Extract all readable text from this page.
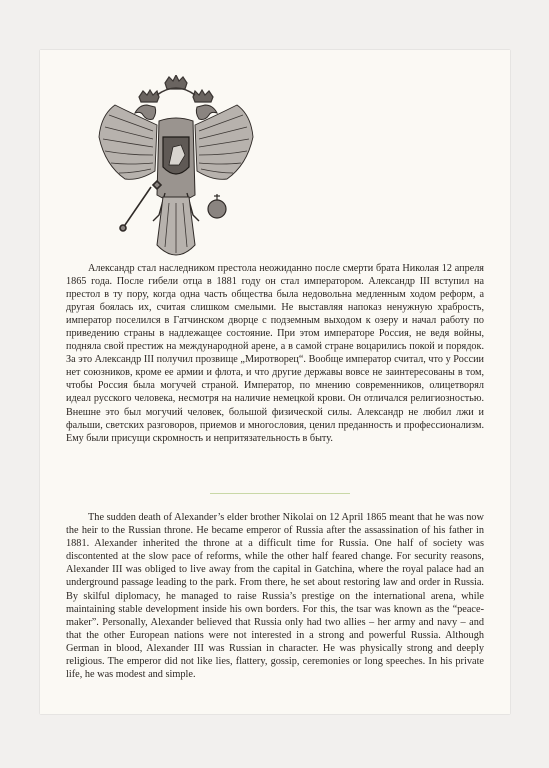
Александр стал наследником престола неожиданно после смерти брата Николая 12 апреля 1865 года. После гибели отца в 1881 году он стал императором. Александр III вступил на престол в ту пору, когда одна часть общества была недовольна медленным ходом реформ, а другая боялась их, считая слишком смелыми. Не выставляя напоказ ненужную храбрость, император поселился в Гатчинском дворце с подземным выходом к озеру и начал работу по приведению страны в надлежащее состояние. При этом императоре Россия, не ведя войны, подняла свой престиж на международной арене, а в самой стране воцарились покой и порядок. За это Александр III получил прозвище „Миротворец“. Вообще император считал, что у России нет союзников, кроме ее армии и флота, и что другие державы вовсе не заинтересованы в том, чтобы Россия была могучей страной. Император, по мнению современников, олицетворял идеал русского человека, несмотря на наличие немецкой крови. Он отличался религиозностью. Внешне это был могучий человек, большой физической силы. Александр не любил лжи и фальши, светских разговоров, приемов и многословия, ценил преданность и профессионализм. Ему были присущи скромность и непритязательность в быту.

The sudden death of Alexander’s elder brother Nikolai on 12 April 1865 meant that he was now the heir to the Russian throne. He became emperor of Russia after the assassination of his father in 1881. Alexander inherited the throne at a difficult time for Russia. One half of society was discontented at the slow pace of reforms, while the other half feared change. For security reasons, Alexander III was obliged to live away from the capital in Gatchina, where the royal palace had an underground passage leading to the park. From there, he set about restoring law and order in Russia. By skilful diplomacy, he managed to raise Russia’s prestige on the international arena, while maintaining stable development inside his own borders. For this, the tsar was known as the “peace-maker”. Personally, Alexander believed that Russia only had two allies – her army and navy – and that the other European nations were not interested in a strong and powerful Russia. Although German in blood, Alexander III was Russian in character. He was physically strong and deeply religious. The emperor did not like lies, flattery, gossip, ceremonies or long speeches. In his private life, he was modest and simple.
